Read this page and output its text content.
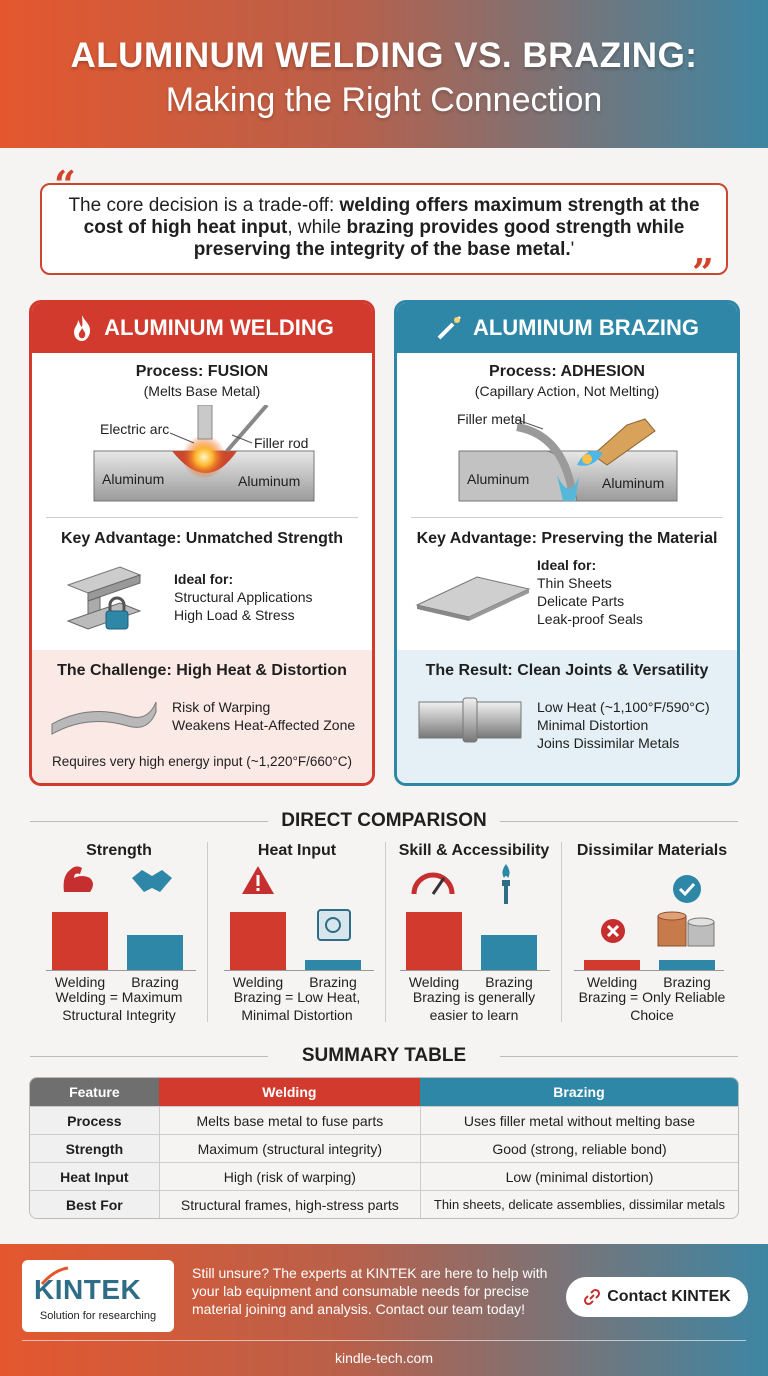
ALUMINUM WELDING VS. BRAZING:
Making the Right Connection
The core decision is a trade-off: welding offers maximum strength at the cost of high heat input, while brazing provides good strength while preserving the integrity of the base metal.'
“
”
ALUMINUM WELDING
Process: FUSION
(Melts Base Metal)
Electric arc
Filler rod
Aluminum	Aluminum
Key Advantage: Unmatched Strength
Ideal for:
Structural Applications
High Load & Stress
The Challenge: High Heat & Distortion
Risk of Warping
Weakens Heat-Affected Zone
Requires very high energy input (~1,220°F/660°C)
ALUMINUM BRAZING
Process: ADHESION
(Capillary Action, Not Melting)
Filler metal
Aluminum	Aluminum
Key Advantage: Preserving the Material
Ideal for:
Thin Sheets
Delicate Parts
Leak-proof Seals
The Result: Clean Joints & Versatility
Low Heat (~1,100°F/590°C)
Minimal Distortion
Joins Dissimilar Metals
DIRECT COMPARISON
Strength
Welding	Brazing
Welding = Maximum
Structural Integrity
Heat Input
Welding	Brazing
Brazing = Low Heat,
Minimal Distortion
Skill & Accessibility
Welding	Brazing
Brazing is generally
easier to learn
Dissimilar Materials
Welding	Brazing
Brazing = Only Reliable
Choice
SUMMARY TABLE
Feature	Welding	Brazing
Process	Melts base metal to fuse parts	Uses filler metal without melting base
Strength	Maximum (structural integrity)	Good (strong, reliable bond)
Heat Input	High (risk of warping)	Low (minimal distortion)
Best For	Structural frames, high-stress parts	Thin sheets, delicate assemblies, dissimilar metals
KINTEK
Solution for researching
Still unsure? The experts at KINTEK are here to help with your lab equipment and consumable needs for precise material joining and analysis. Contact our team today!
Contact KINTEK
kindle-tech.com
